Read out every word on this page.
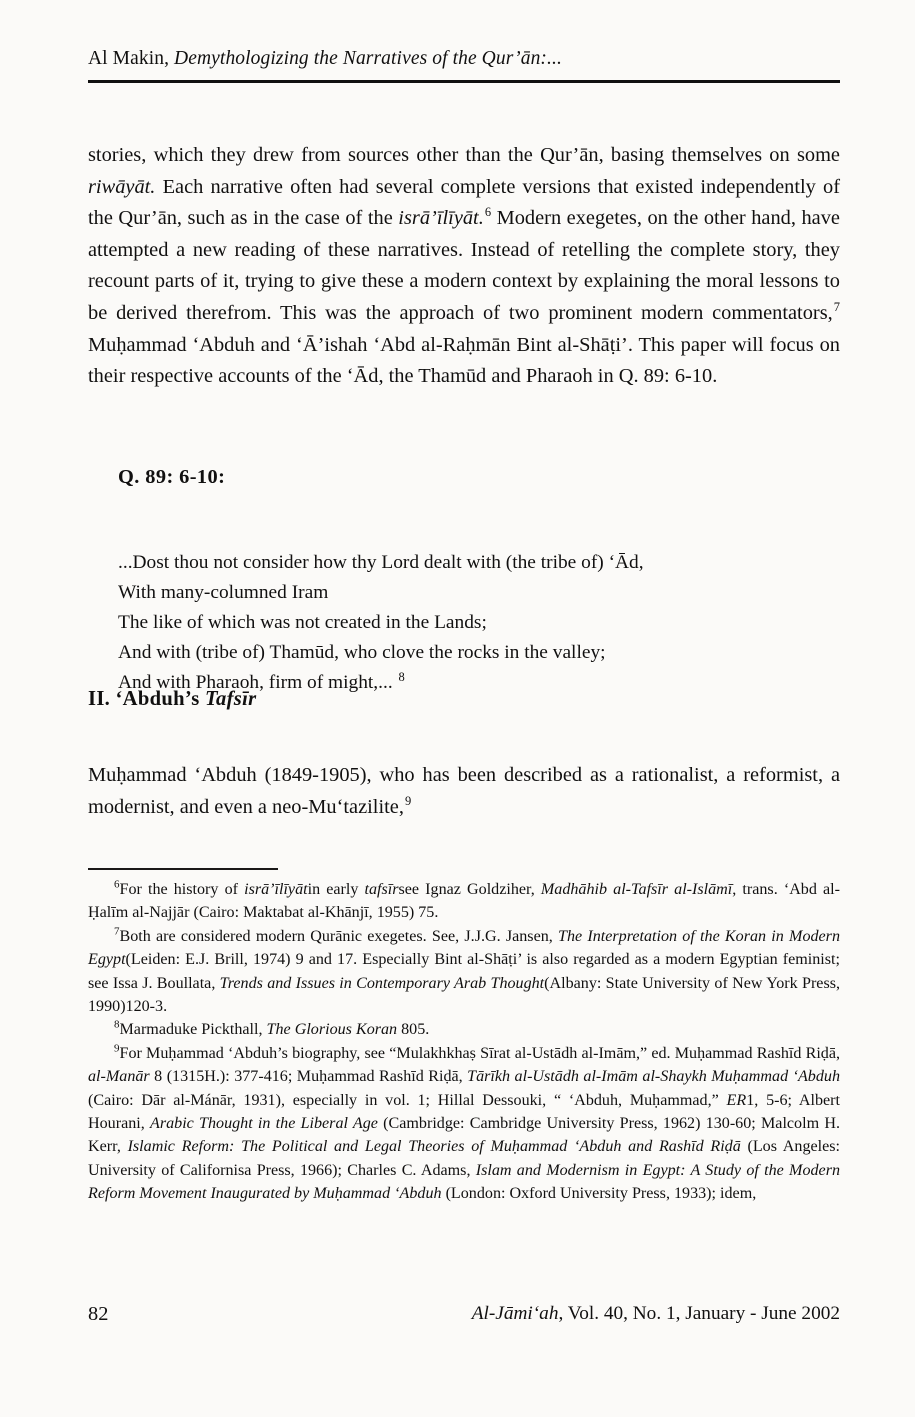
Al Makin, Demythologizing the Narratives of the Qur’ān:...

stories, which they drew from sources other than the Qur’ān, basing themselves on some riwāyāt. Each narrative often had several complete versions that existed independently of the Qur’ān, such as in the case of the isrā’īlīyāt.$^6$ Modern exegetes, on the other hand, have attempted a new reading of these narratives. Instead of retelling the complete story, they recount parts of it, trying to give these a modern context by explaining the moral lessons to be derived therefrom. This was the approach of two prominent modern commentators,$^7$ Muḥammad ‘Abduh and ‘Ā’ishah ‘Abd al-Raḥmān Bint al-Shāṭi’. This paper will focus on their respective accounts of the ‘Ād, the Thamūd and Pharaoh in Q. 89: 6-10.

Q. 89: 6-10:
...Dost thou not consider how thy Lord dealt with (the tribe of) ‘Ād,
With many-columned Iram
The like of which was not created in the Lands;
And with (tribe of) Thamūd, who clove the rocks in the valley;
And with Pharaoh, firm of might,... $^8$
II. ‘Abduh’s Tafsīr

Muḥammad ‘Abduh (1849-1905), who has been described as a rationalist, a reformist, a modernist, and even a neo-Mu‘tazilite,$^9$

$^6$For the history of isrā’īlīyātin early tafsīrsee Ignaz Goldziher, Madhāhib al-Tafsīr al-Islāmī, trans. ‘Abd al-Ḥalīm al-Najjār (Cairo: Maktabat al-Khānjī, 1955) 75.

$^7$Both are considered modern Qurānic exegetes. See, J.J.G. Jansen, The Interpretation of the Koran in Modern Egypt(Leiden: E.J. Brill, 1974) 9 and 17. Especially Bint al-Shāṭi’ is also regarded as a modern Egyptian feminist; see Issa J. Boullata, Trends and Issues in Contemporary Arab Thought(Albany: State University of New York Press, 1990)120-3.

$^8$Marmaduke Pickthall, The Glorious Koran 805.

$^9$For Muḥammad ‘Abduh’s biography, see “Mulakhkhaṣ Sīrat al-Ustādh al-Imām,” ed. Muḥammad Rashīd Riḍā, al-Manār 8 (1315H.): 377-416; Muḥammad Rashīd Riḍā, Tārīkh al-Ustādh al-Imām al-Shaykh Muḥammad ‘Abduh (Cairo: Dār al-Mánār, 1931), especially in vol. 1; Hillal Dessouki, “ ‘Abduh, Muḥammad,” ER1, 5-6; Albert Hourani, Arabic Thought in the Liberal Age (Cambridge: Cambridge University Press, 1962) 130-60; Malcolm H. Kerr, Islamic Reform: The Political and Legal Theories of Muḥammad ‘Abduh and Rashīd Riḍā (Los Angeles: University of Californisa Press, 1966); Charles C. Adams, Islam and Modernism in Egypt: A Study of the Modern Reform Movement Inaugurated by Muḥammad ‘Abduh (London: Oxford University Press, 1933); idem,

82	Al-Jāmi‘ah, Vol. 40, No. 1, January - June 2002
